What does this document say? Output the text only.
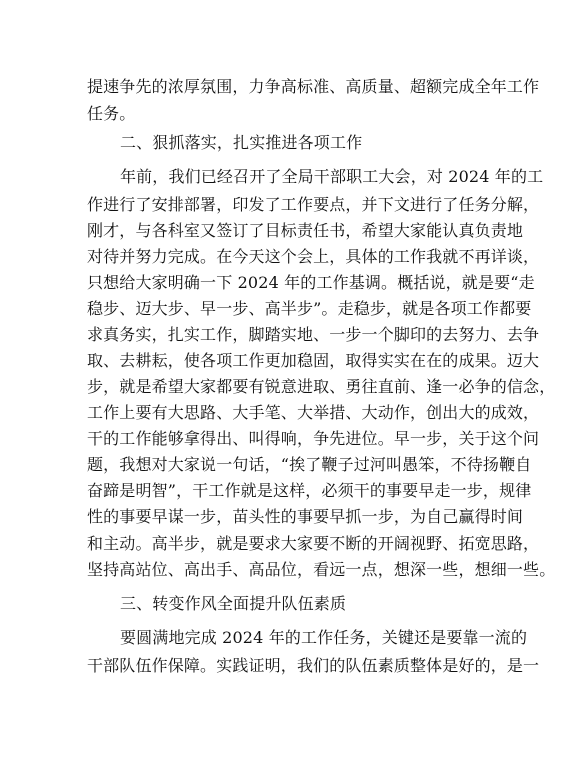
提速争先的浓厚氛围，力争高标准、高质量、超额完成全年工作
任务。
二、狠抓落实，扎实推进各项工作
年前，我们已经召开了全局干部职工大会，对 2024 年的工
作进行了安排部署，印发了工作要点，并下文进行了任务分解，
刚才，与各科室又签订了目标责任书，希望大家能认真负责地
对待并努力完成。在今天这个会上，具体的工作我就不再详谈，
只想给大家明确一下 2024 年的工作基调。概括说，就是要“走
稳步、迈大步、早一步、高半步”。走稳步，就是各项工作都要
求真务实，扎实工作，脚踏实地、一步一个脚印的去努力、去争
取、去耕耘，使各项工作更加稳固，取得实实在在的成果。迈大
步，就是希望大家都要有锐意进取、勇往直前、逢一必争的信念，
工作上要有大思路、大手笔、大举措、大动作，创出大的成效，
干的工作能够拿得出、叫得响，争先进位。早一步，关于这个问
题，我想对大家说一句话，“挨了鞭子过河叫愚笨，不待扬鞭自
奋蹄是明智”，干工作就是这样，必须干的事要早走一步，规律
性的事要早谋一步，苗头性的事要早抓一步，为自己赢得时间
和主动。高半步，就是要求大家要不断的开阔视野、拓宽思路，
坚持高站位、高出手、高品位，看远一点，想深一些，想细一些。
三、转变作风全面提升队伍素质
要圆满地完成 2024 年的工作任务，关键还是要靠一流的
干部队伍作保障。实践证明，我们的队伍素质整体是好的，是一
